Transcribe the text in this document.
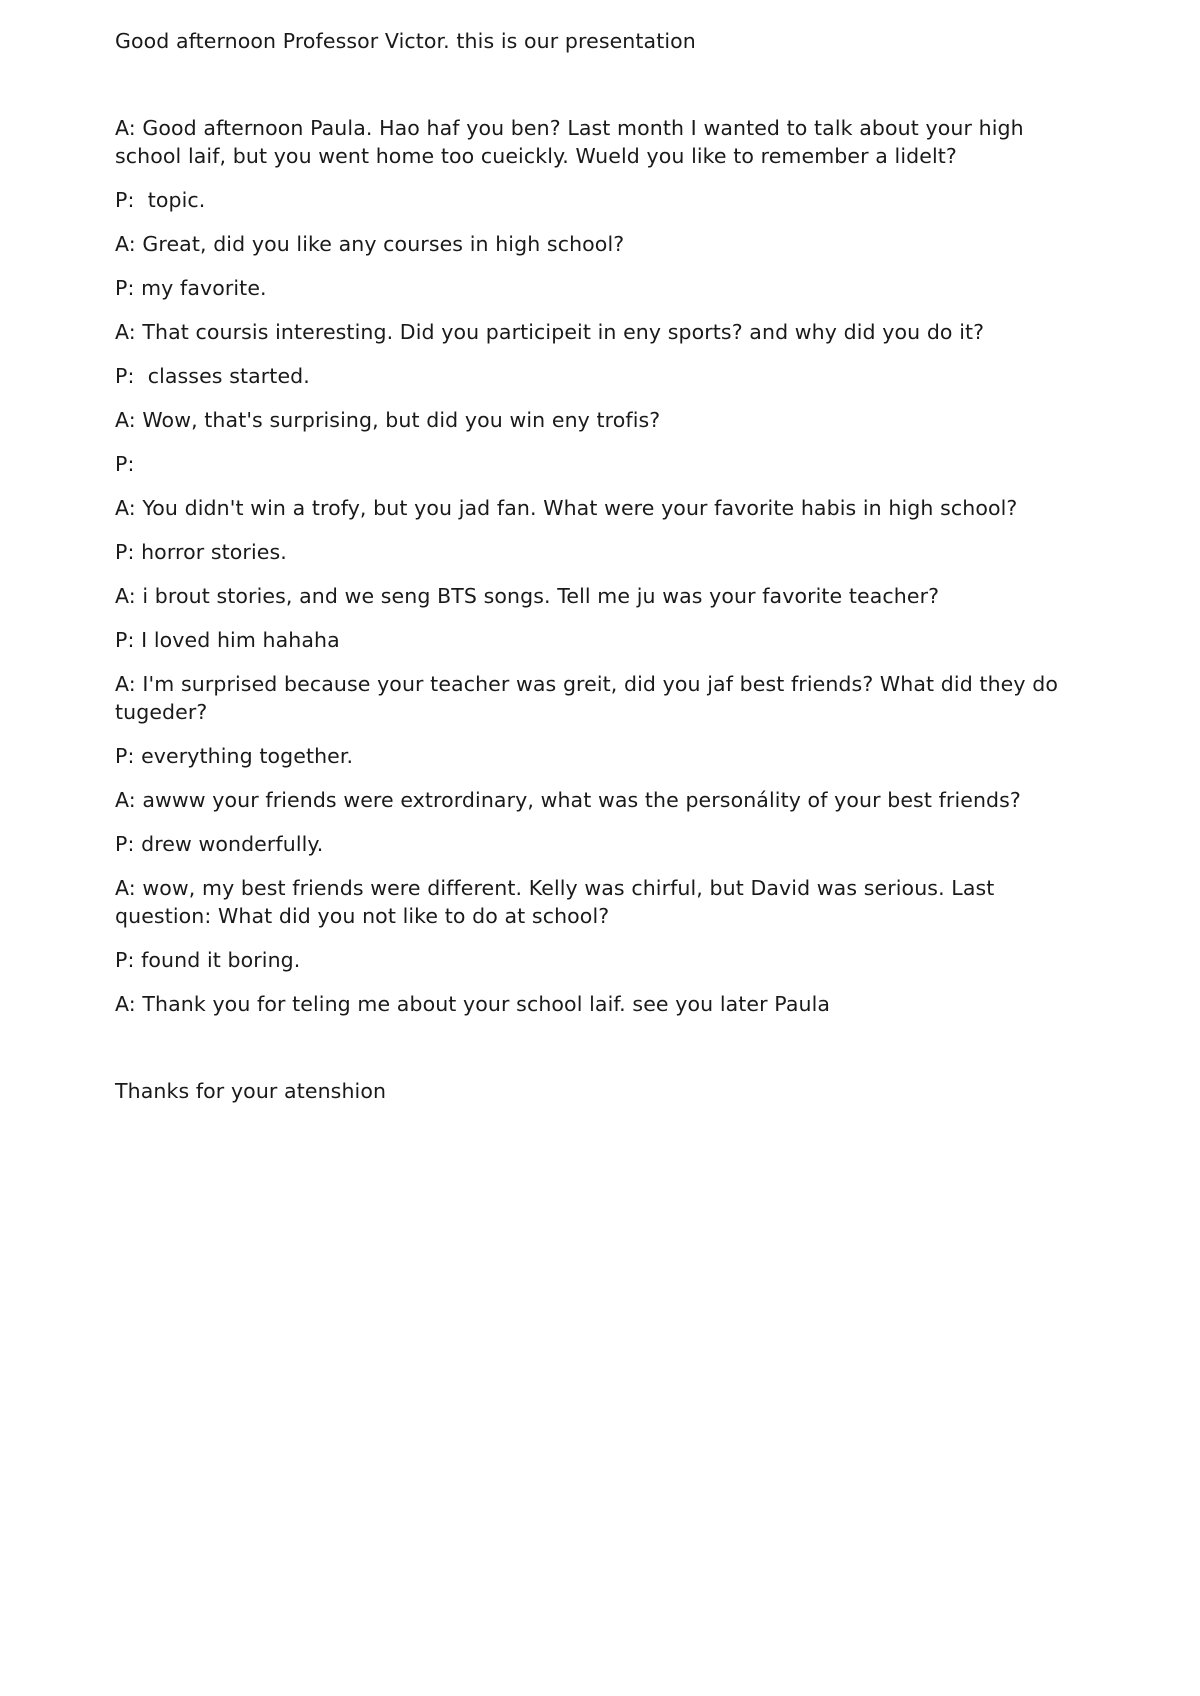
Good afternoon Professor Victor. this is our presentation

A: Good afternoon Paula. Hao haf you ben? Last month I wanted to talk about your high school laif, but you went home too cueickly. Wueld you like to remember a lidelt?

P:  topic.

A: Great, did you like any courses in high school?

P: my favorite.

A: That coursis interesting. Did you participeit in eny sports? and why did you do it?

P:  classes started.

A: Wow, that's surprising, but did you win eny trofis?

P:

A: You didn't win a trofy, but you jad fan. What were your favorite habis in high school?

P: horror stories.

A: i brout stories, and we seng BTS songs. Tell me ju was your favorite teacher?

P: I loved him hahaha

A: I'm surprised because your teacher was greit, did you jaf best friends? What did they do tugeder?

P: everything together.

A: awww your friends were extrordinary, what was the personálity of your best friends?

P: drew wonderfully.

A: wow, my best friends were different. Kelly was chirful, but David was serious. Last question: What did you not like to do at school?

P: found it boring.

A: Thank you for teling me about your school laif. see you later Paula

Thanks for your atenshion
